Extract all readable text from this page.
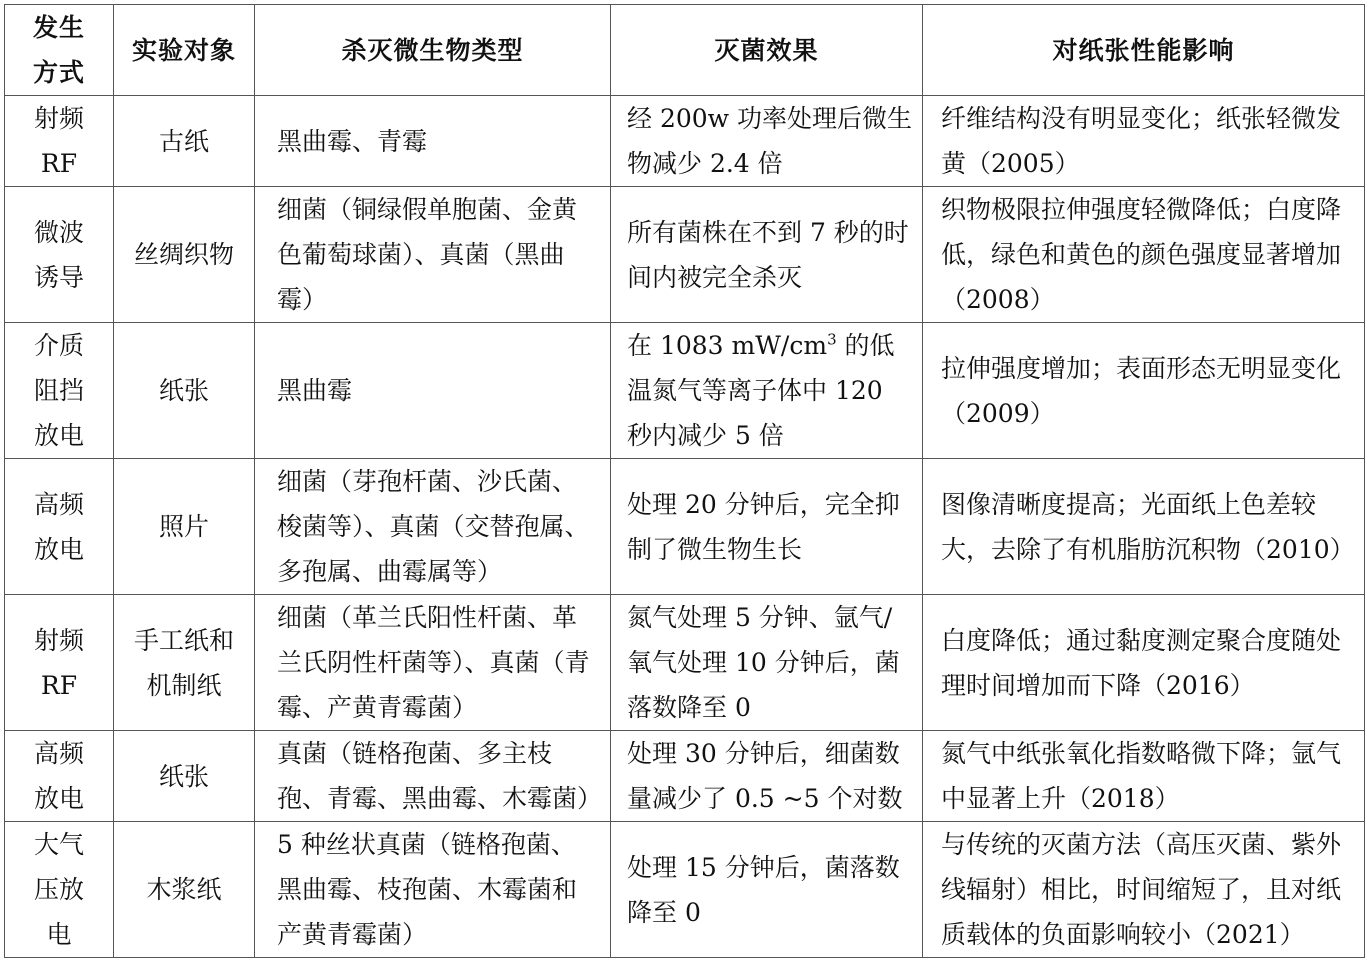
发生方式	实验对象	杀灭微生物类型	灭菌效果	对纸张性能影响
射频 RF	古纸	黑曲霉、青霉	经 200w 功率处理后微生物减少 2.4 倍	纤维结构没有明显变化；纸张轻微发黄（2005）
微波诱导	丝绸织物	细菌（铜绿假单胞菌、金黄色葡萄球菌）、真菌（黑曲霉）	所有菌株在不到 7 秒的时间内被完全杀灭	织物极限拉伸强度轻微降低；白度降低，绿色和黄色的颜色强度显著增加（2008）
介质阻挡放电	纸张	黑曲霉	在 1083 $mW/cm^3$ 的低温氮气等离子体中 120 秒内减少 5 倍	拉伸强度增加；表面形态无明显变化（2009）
高频放电	照片	细菌（芽孢杆菌、沙氏菌、梭菌等）、真菌（交替孢属、多孢属、曲霉属等）	处理 20 分钟后，完全抑制了微生物生长	图像清晰度提高；光面纸上色差较大，去除了有机脂肪沉积物（2010）
射频 RF	手工纸和机制纸	细菌（革兰氏阳性杆菌、革兰氏阴性杆菌等）、真菌（青霉、产黄青霉菌）	氮气处理 5 分钟、氩气/氧气处理 10 分钟后，菌落数降至 0	白度降低；通过黏度测定聚合度随处理时间增加而下降（2016）
高频放电	纸张	真菌（链格孢菌、多主枝孢、青霉、黑曲霉、木霉菌）	处理 30 分钟后，细菌数量减少了 0.5 ~5 个对数	氮气中纸张氧化指数略微下降；氩气中显著上升（2018）
大气压放电	木浆纸	5 种丝状真菌（链格孢菌、黑曲霉、枝孢菌、木霉菌和产黄青霉菌）	处理 15 分钟后，菌落数降至 0	与传统的灭菌方法（高压灭菌、紫外线辐射）相比，时间缩短了，且对纸质载体的负面影响较小（2021）
